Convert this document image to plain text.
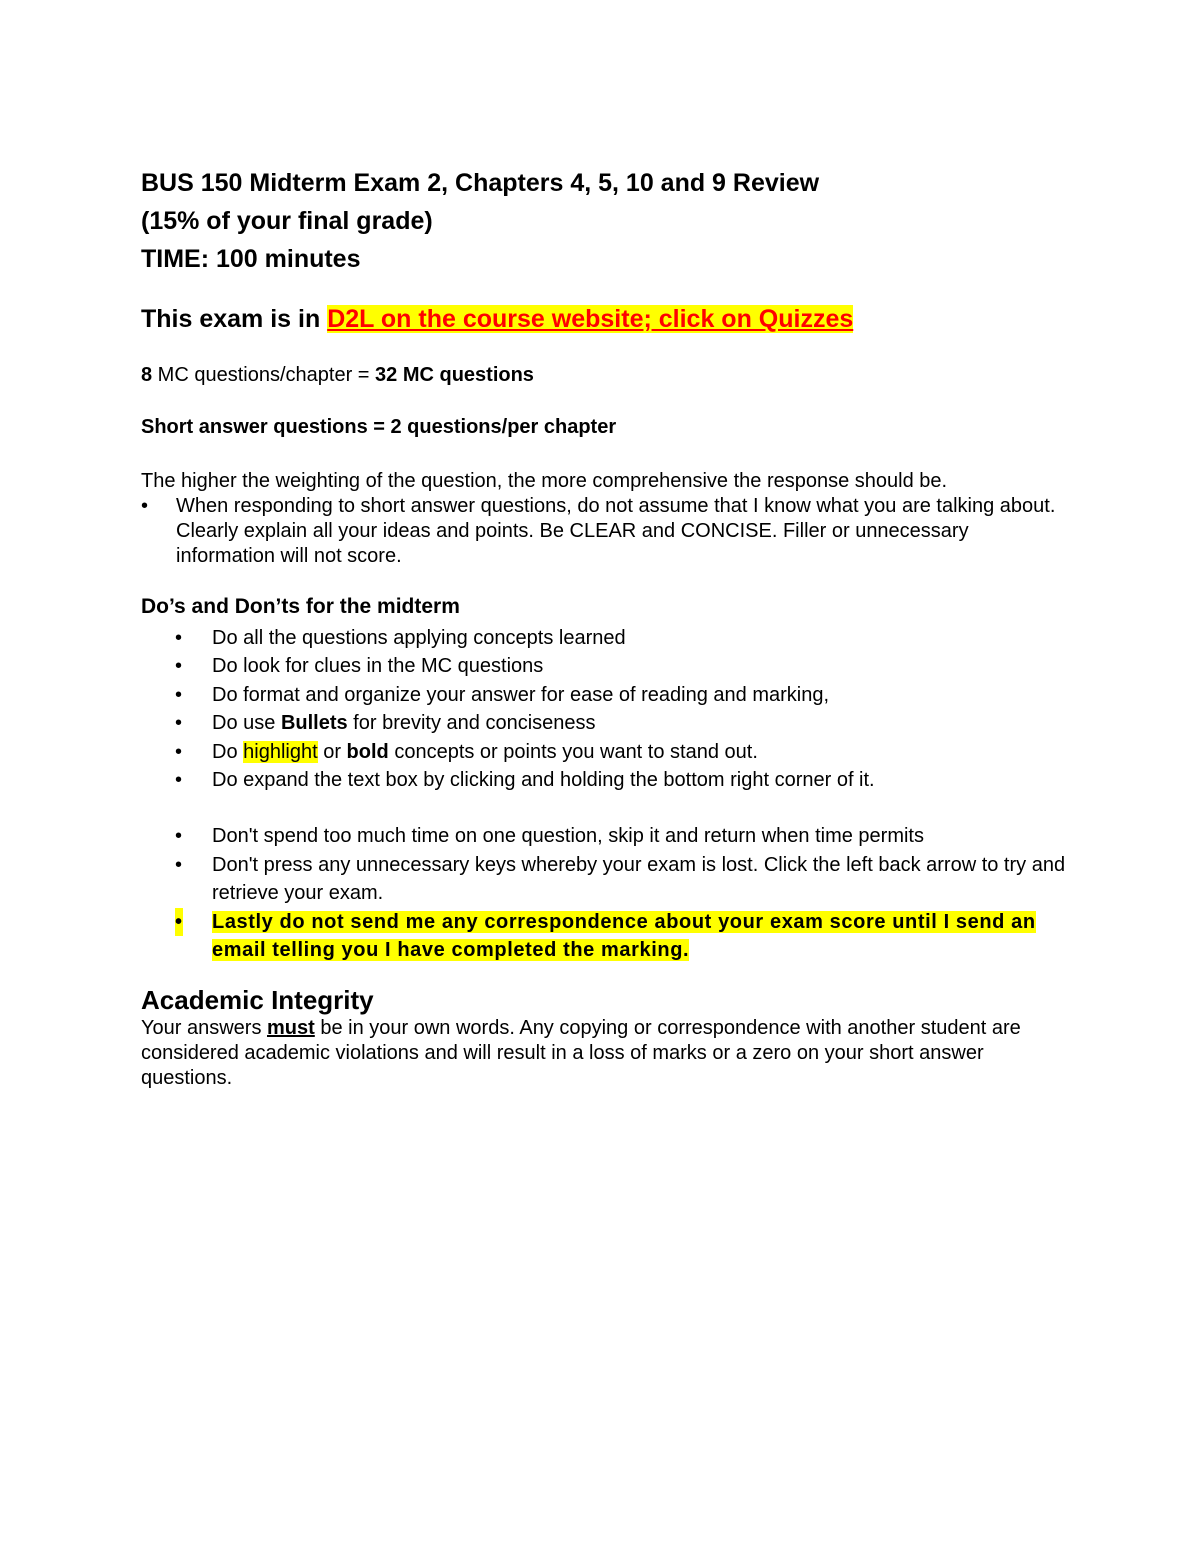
BUS 150 Midterm Exam 2, Chapters 4, 5, 10 and 9 Review

(15% of your final grade)

TIME: 100 minutes

This exam is in D2L on the course website; click on Quizzes

8 MC questions/chapter = 32 MC questions

Short answer questions = 2 questions/per chapter

The higher the weighting of the question, the more comprehensive the response should be.

• When responding to short answer questions, do not assume that I know what you are talking about. Clearly explain all your ideas and points. Be CLEAR and CONCISE. Filler or unnecessary information will not score.

Do’s and Don’ts for the midterm

• Do all the questions applying concepts learned
• Do look for clues in the MC questions
• Do format and organize your answer for ease of reading and marking,
• Do use Bullets for brevity and conciseness
• Do highlight or bold concepts or points you want to stand out.
• Do expand the text box by clicking and holding the bottom right corner of it.
• Don't spend too much time on one question, skip it and return when time permits
• Don't press any unnecessary keys whereby your exam is lost. Click the left back arrow to try and retrieve your exam.
• Lastly do not send me any correspondence about your exam score until I send an email telling you I have completed the marking.

Academic Integrity

Your answers must be in your own words. Any copying or correspondence with another student are considered academic violations and will result in a loss of marks or a zero on your short answer questions.
